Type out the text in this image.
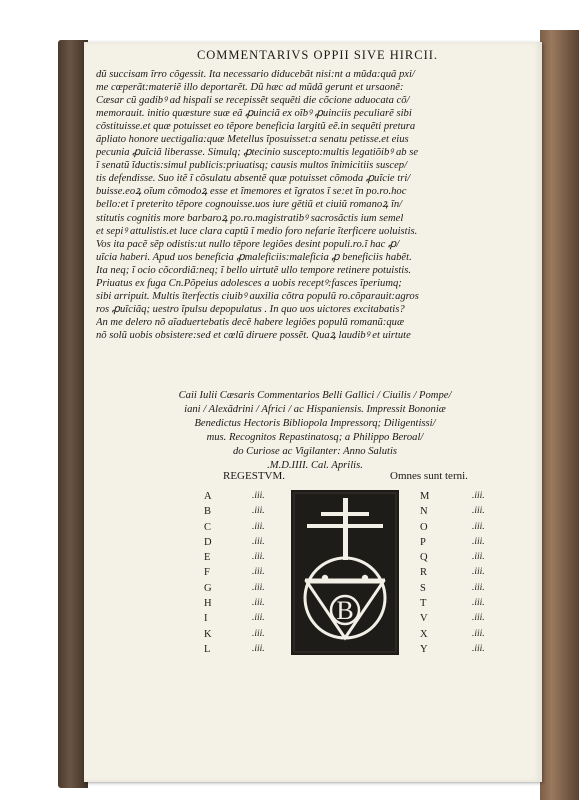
COMMENTARIVS OPPII SIVE HIRCII.
dũ succisam ĩrro cõgessit. Ita necessario diducebãt nisi:nt a mũda:quã pxi/
me cœperãt:materiẽ illo deportarẽt. Dũ hæc ad mũdã gerunt et ursaonẽ:
Cæsar cũ gadibꝰ ad hispali se recepissẽt sequẽti die cõcione aduocata cõ/
memorauit. initio quæsture suæ eã ꝓuinciã ex oĩbꝰ ꝓuinciis peculiarẽ sibi
cõstituisse.et quæ potuisset eo tẽpore beneficia largitũ eẽ.in sequẽti pretura
ãpliato honore uectigalia:quæ Metellus ĩposuisset:a senatu petisse.et eius
pecunia ꝓuĩciã liberasse. Simulq; ꝓtecinio suscepto:multis legatiõibꝰ ab se
ĩ senatũ ĩductis:simul publicis:priuatisq; causis multos ĩnimicitiis suscep/
tis defendisse. Suo itẽ ĩ cõsulatu absentẽ quæ potuisset cõmoda ꝓuĩcie tri/
buisse.eoꝝ oĩum cõmodoꝝ esse et ĩmemores et ĩgratos ĩ se:et ĩn po.ro.hoc
bello:et ĩ preterito tẽpore cognouisse.uos iure gẽtiũ et ciuiũ romanoꝝ ĩn/
stitutis cognitis more barbaroꝝ po.ro.magistratibꝰ sacrosãctis ium semel
et sepiꝰ attulistis.et luce clara captũ ĩ medio foro nefarie ĩterficere uoluistis.
Vos ita pacẽ sẽp odistis:ut nullo tẽpore legiões desint populi.ro.ĩ hac ꝓ/
uĩcia haberi. Apud uos beneficia ꝓmaleficiis:maleficia ꝓ beneficiis habẽt.
Ita neq; ĩ ocio cõcordiã:neq; ĩ bello uirtutẽ ullo tempore retinere potuistis.
Priuatus ex fuga Cn.Põpeius adolesces a uobis receptꝰ:fasces ĩperiumq;
sibi arripuit. Multis ĩterfectis ciuibꝰ auxilia cõtra populũ ro.cõparauit:agros
ros ꝓuĩciãq; uestro ĩpulsu depopulatus . In quo uos uictores excitabatis?
An me delero nõ aĩaduertebatis decẽ habere legiões populũ romanũ:quæ
nõ solũ uobis obsistere:sed et cœlũ diruere possẽt. Quaꝝ laudibꝰ et uirtute
Caii Iulii Cæsaris Commentarios Belli Gallici / Ciuilis / Pompe/
iani / Alexãdrini / Africi / ac Hispaniensis. Impressit Bononiæ
Benedictus Hectoris Bibliopola Impressorq; Diligentissi/
mus. Recognitos Repastinatosq; a Philippo Beroal/
do Curiose ac Vigilanter: Anno Salutis
.M.D.IIII. Cal. Aprilis.
REGESTVM.	Omnes sunt terni.
A
B
C
D
E
F
G
H
I
K
L
.iii.
.iii.
.iii.
.iii.
.iii.
.iii.
.iii.
.iii.
.iii.
.iii.
.iii.
M
N
O
P
Q
R
S
T
V
X
Y
.iii.
.iii.
.iii.
.iii.
.iii.
.iii.
.iii.
.iii.
.iii.
.iii.
.iii.
B
